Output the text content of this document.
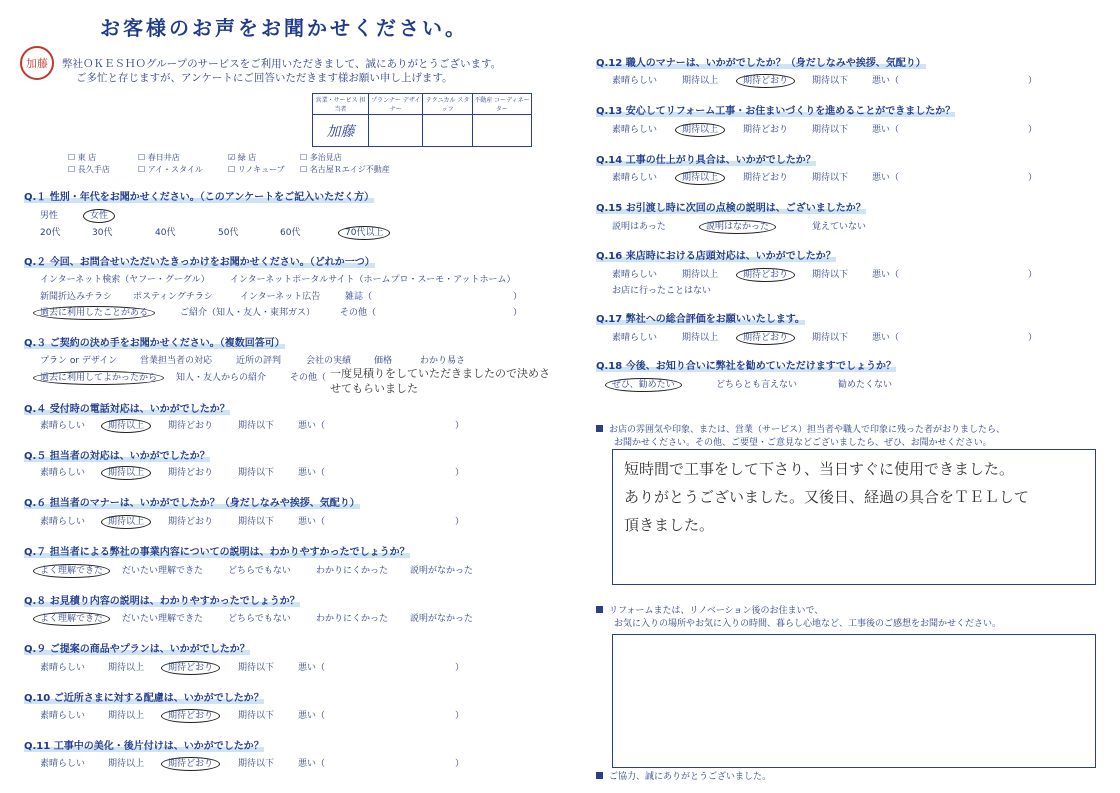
お客様のお声をお聞かせください。
加藤	弊社ＯＫＥＳＨＯグループのサービスをご利用いただきまして、誠にありがとうございます。
ご多忙と存じますが、アンケートにご回答いただきます様お願い申し上げます。
営業・サービス 担当者	プランナー デザイナー	テクニカル スタッフ	不動産 コーディネーター
加藤			
☐ 東 店	☐ 春日井店	☑ 緑 店	☐ 多治見店
☐ 長久手店	☐ アイ・スタイル	☐ リノキューブ ☐ 名古屋Ｒエイジ不動産
Q.１ 性別・年代をお聞かせください。（このアンケートをご記入いただく方）
男性	女性
20代	30代	40代	50代	60代	70代以上
Q.２ 今回、お問合せいただいたきっかけをお聞かせください。（どれか一つ）
インターネット検索（ヤフー・グーグル） インターネットポータルサイト（ホームプロ・スーモ・アットホーム）
新聞折込みチラシ ポスティングチラシ	インターネット広告	雑誌（	）
過去に利用したことがある	ご紹介（知人・友人・東邦ガス）	その他（	）
Q.３ ご契約の決め手をお聞かせください。（複数回答可）
プラン or デザイン	営業担当者の対応	近所の評判	会社の実績	価格	わかり易さ
過去に利用してよかったから 知人・友人からの紹介	その他（ 一度見積りをしていただきましたので決めさせてもらいました
Q.４ 受付時の電話対応は、いかがでしたか？
素晴らしい	期待以上	期待どおり	期待以下	悪い（	）
Q.５ 担当者の対応は、いかがでしたか？
素晴らしい	期待以上	期待どおり	期待以下	悪い（	）
Q.６ 担当者のマナーは、いかがでしたか？（身だしなみや挨拶、気配り）
素晴らしい	期待以上	期待どおり	期待以下	悪い（	）
Q.７ 担当者による弊社の事業内容についての説明は、わかりやすかったでしょうか？
よく理解できた だいたい理解できた	どちらでもない	わかりにくかった 説明がなかった
Q.８ お見積り内容の説明は、わかりやすかったでしょうか？
よく理解できた だいたい理解できた	どちらでもない	わかりにくかった 説明がなかった
Q.９ ご提案の商品やプランは、いかがでしたか？
素晴らしい	期待以上	期待どおり	期待以下	悪い（	）
Q.10 ご近所さまに対する配慮は、いかがでしたか？
素晴らしい	期待以上	期待どおり	期待以下	悪い（	）
Q.11 工事中の美化・後片付けは、いかがでしたか？
素晴らしい	期待以上	期待どおり	期待以下	悪い（	）
Q.12 職人のマナーは、いかがでしたか？（身だしなみや挨拶、気配り）
素晴らしい	期待以上	期待どおり	期待以下	悪い（	）
Q.13 安心してリフォーム工事・お住まいづくりを進めることができましたか？
素晴らしい	期待以上	期待どおり	期待以下	悪い（	）
Q.14 工事の仕上がり具合は、いかがでしたか？
素晴らしい	期待以上	期待どおり	期待以下	悪い（	）
Q.15 お引渡し時に次回の点検の説明は、ございましたか？
説明はあった	説明はなかった	覚えていない
Q.16 来店時における店頭対応は、いかがでしたか？
素晴らしい	期待以上	期待どおり	期待以下	悪い（	）
お店に行ったことはない
Q.17 弊社への総合評価をお願いいたします。
素晴らしい	期待以上	期待どおり	期待以下	悪い（	）
Q.18 今後、お知り合いに弊社を勧めていただけますでしょうか？
ぜひ、勧めたい	どちらとも言えない	勧めたくない
お店の雰囲気や印象、または、営業（サービス）担当者や職人で印象に残った者がおりましたら、
お聞かせください。その他、ご要望・ご意見などございましたら、ぜひ、お聞かせください。
短時間で工事をして下さり、当日すぐに使用できました。
ありがとうございました。又後日、経過の具合をＴＥＬして
頂きました。
リフォームまたは、リノベーション後のお住まいで、
お気に入りの場所やお気に入りの時間、暮らし心地など、工事後のご感想をお聞かせください。
ご協力、誠にありがとうございました。
